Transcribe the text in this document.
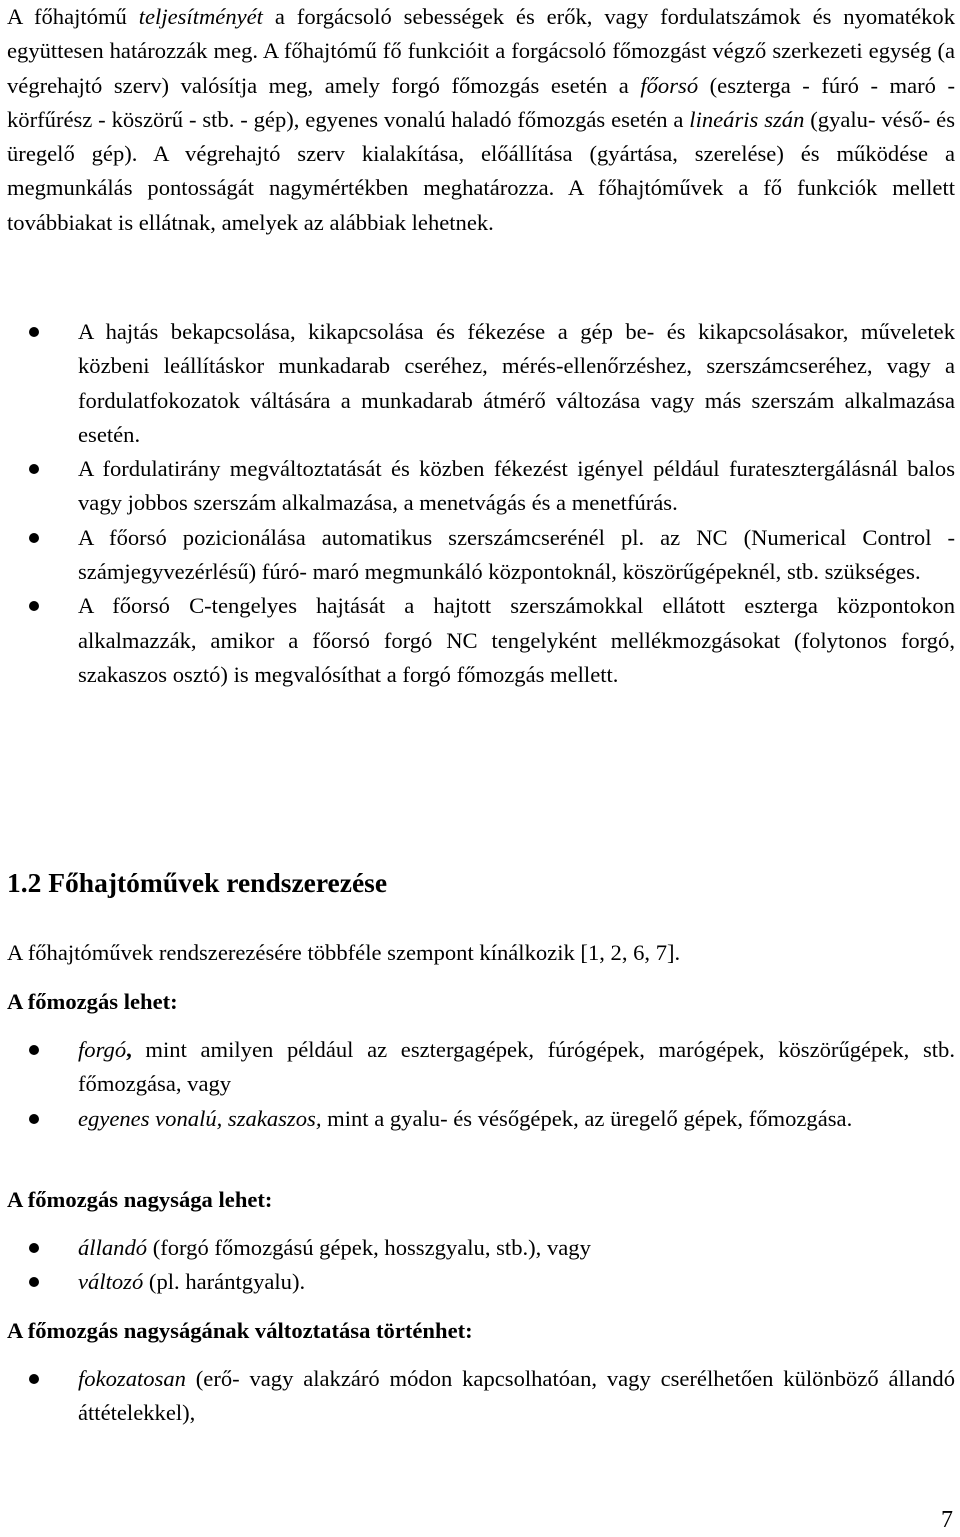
A főhajtómű teljesítményét a forgácsoló sebességek és erők, vagy fordulatszámok és nyomatékok együttesen határozzák meg. A főhajtómű fő funkcióit a forgácsoló főmozgást végző szerkezeti egység (a végrehajtó szerv) valósítja meg, amely forgó főmozgás esetén a főorsó (eszterga - fúró - maró - körfűrész - köszörű - stb. - gép), egyenes vonalú haladó főmozgás esetén a lineáris szán (gyalu- véső- és üregelő gép). A végrehajtó szerv kialakítása, előállítása (gyártása, szerelése) és működése a megmunkálás pontosságát nagymértékben meghatározza. A főhajtóművek a fő funkciók mellett továbbiakat is ellátnak, amelyek az alábbiak lehetnek.

A hajtás bekapcsolása, kikapcsolása és fékezése a gép be- és kikapcsolásakor, műveletek közbeni leállításkor munkadarab cseréhez, mérés-ellenőrzéshez, szerszámcseréhez, vagy a fordulatfokozatok váltására a munkadarab átmérő változása vagy más szerszám alkalmazása esetén.
A fordulatirány megváltoztatását és közben fékezést igényel például furatesztergálásnál balos vagy jobbos szerszám alkalmazása, a menetvágás és a menetfúrás.
A főorsó pozicionálása automatikus szerszámcserénél pl. az NC (Numerical Control - számjegyvezérlésű) fúró- maró megmunkáló központoknál, köszörűgépeknél, stb. szükséges.
A főorsó C-tengelyes hajtását a hajtott szerszámokkal ellátott eszterga központokon alkalmazzák, amikor a főorsó forgó NC tengelyként mellékmozgásokat (folytonos forgó, szakaszos osztó) is megvalósíthat a forgó főmozgás mellett.
1.2 Főhajtóművek rendszerezése

A főhajtóművek rendszerezésére többféle szempont kínálkozik [1, 2, 6, 7].

A főmozgás lehet:

forgó, mint amilyen például az esztergagépek, fúrógépek, marógépek, köszörűgépek, stb. főmozgása, vagy
egyenes vonalú, szakaszos, mint a gyalu- és vésőgépek, az üregelő gépek, főmozgása.

A főmozgás nagysága lehet:

állandó (forgó főmozgású gépek, hosszgyalu, stb.), vagy
változó (pl. harántgyalu).

A főmozgás nagyságának változtatása történhet:

fokozatosan (erő- vagy alakzáró módon kapcsolhatóan, vagy cserélhetően különböző állandó áttételekkel),
7
